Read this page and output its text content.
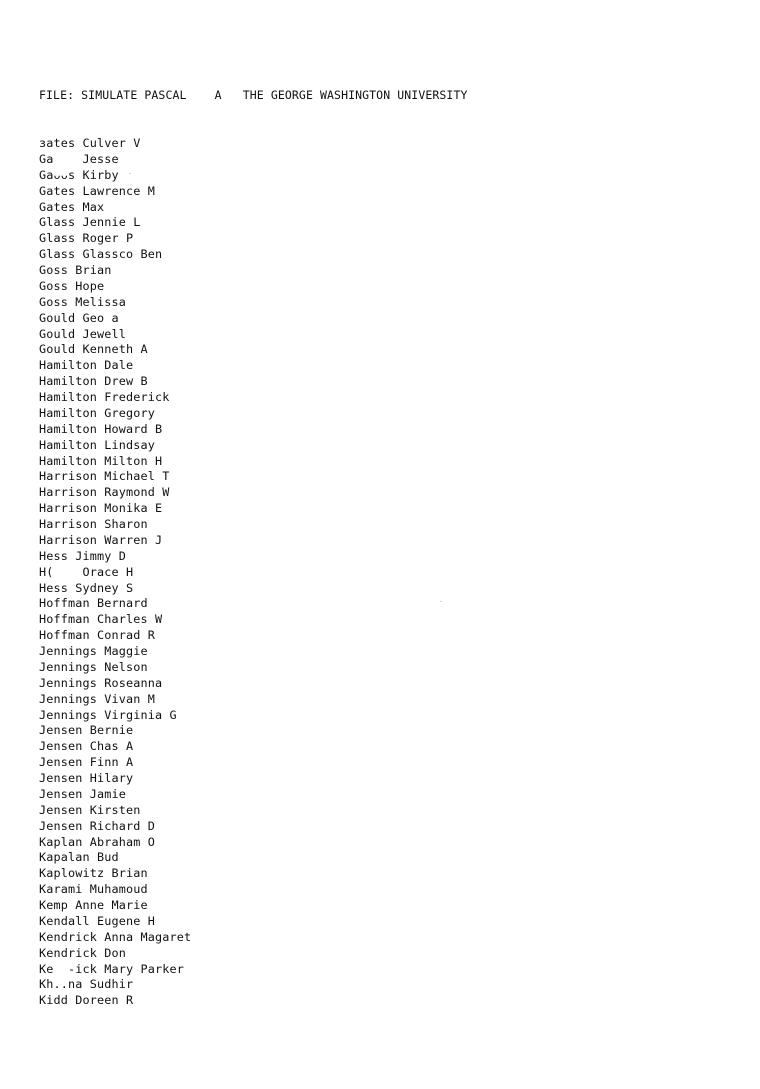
FILE: SIMULATE PASCAL A THE GEORGE WASHINGTON UNIVERSITY
ɜates Culver V
Ga    Jesse
Gaᴗᴗs Kirby
Gates Lawrence M
Gates Max
Glass Jennie L
Glass Roger P
Glass Glassco Ben
Goss Brian
Goss Hope
Goss Melissa
Gould Geo a
Gould Jewell
Gould Kenneth A
Hamilton Dale
Hamilton Drew B
Hamilton Frederick
Hamilton Gregory
Hamilton Howard B
Hamilton Lindsay
Hamilton Milton H
Harrison Michael T
Harrison Raymond W
Harrison Monika E
Harrison Sharon
Harrison Warren J
Hess Jimmy D
H(    Orace H
Hess Sydney S
Hoffman Bernard
Hoffman Charles W
Hoffman Conrad R
Jennings Maggie
Jennings Nelson
Jennings Roseanna
Jennings Vivan M
Jennings Virginia G
Jensen Bernie
Jensen Chas A
Jensen Finn A
Jensen Hilary
Jensen Jamie
Jensen Kirsten
Jensen Richard D
Kaplan Abraham O
Kapalan Bud
Kaplowitz Brian
Karami Muhamoud
Kemp Anne Marie
Kendall Eugene H
Kendrick Anna Magaret
Kendrick Don
Ke  -ick Mary Parker
Kh..na Sudhir
Kidd Doreen R
